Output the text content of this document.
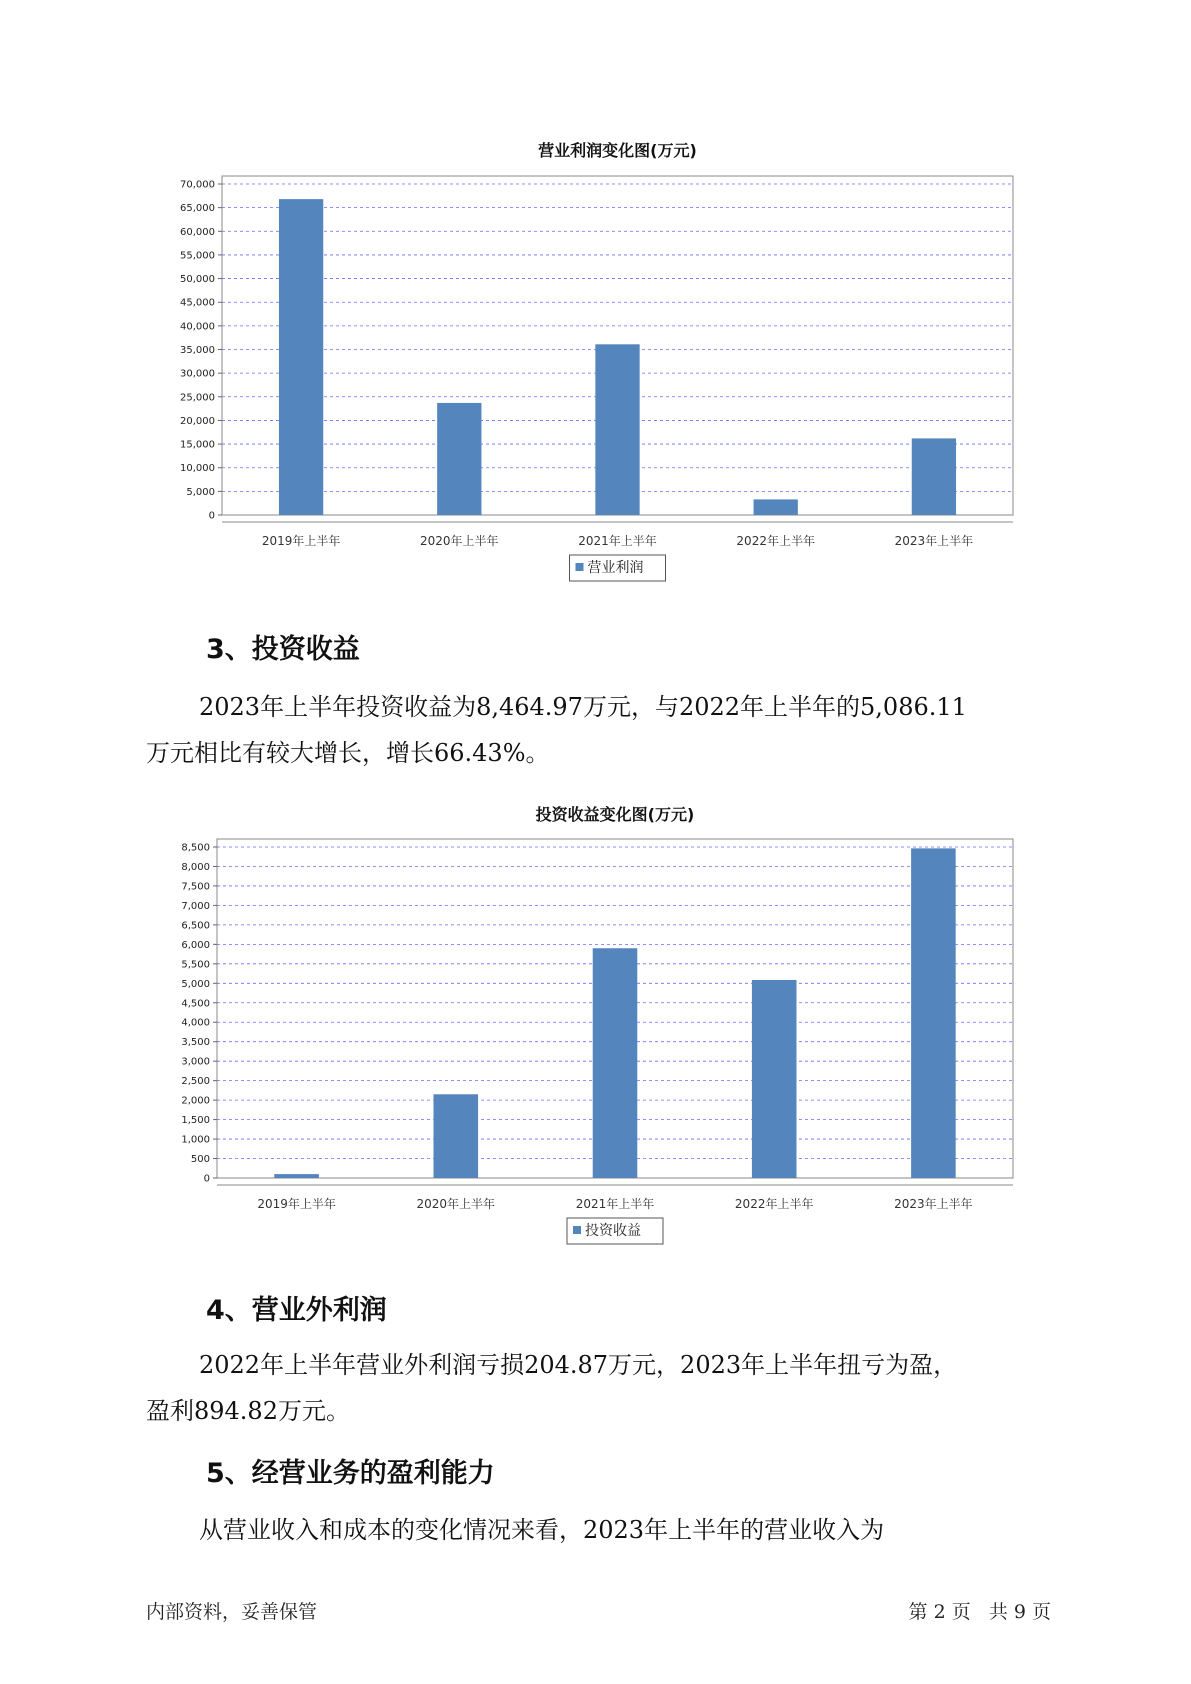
营业利润变化图(万元)
0
5,000
10,000
15,000
20,000
25,000
30,000
35,000
40,000
45,000
50,000
55,000
60,000
65,000
70,000
2019年上半年	2020年上半年	2021年上半年	2022年上半年	2023年上半年
营业利润
3、投资收益

2023年上半年投资收益为8,464.97万元，与2022年上半年的5,086.11
万元相比有较大增长，增长66.43%。

投资收益变化图(万元)
0
500
1,000
1,500
2,000
2,500
3,000
3,500
4,000
4,500
5,000
5,500
6,000
6,500
7,000
7,500
8,000
8,500
2019年上半年	2020年上半年	2021年上半年	2022年上半年	2023年上半年
投资收益
4、营业外利润

2022年上半年营业外利润亏损204.87万元，2023年上半年扭亏为盈，
盈利894.82万元。

5、经营业务的盈利能力

从营业收入和成本的变化情况来看，2023年上半年的营业收入为

内部资料，妥善保管	第 2 页   共 9 页
